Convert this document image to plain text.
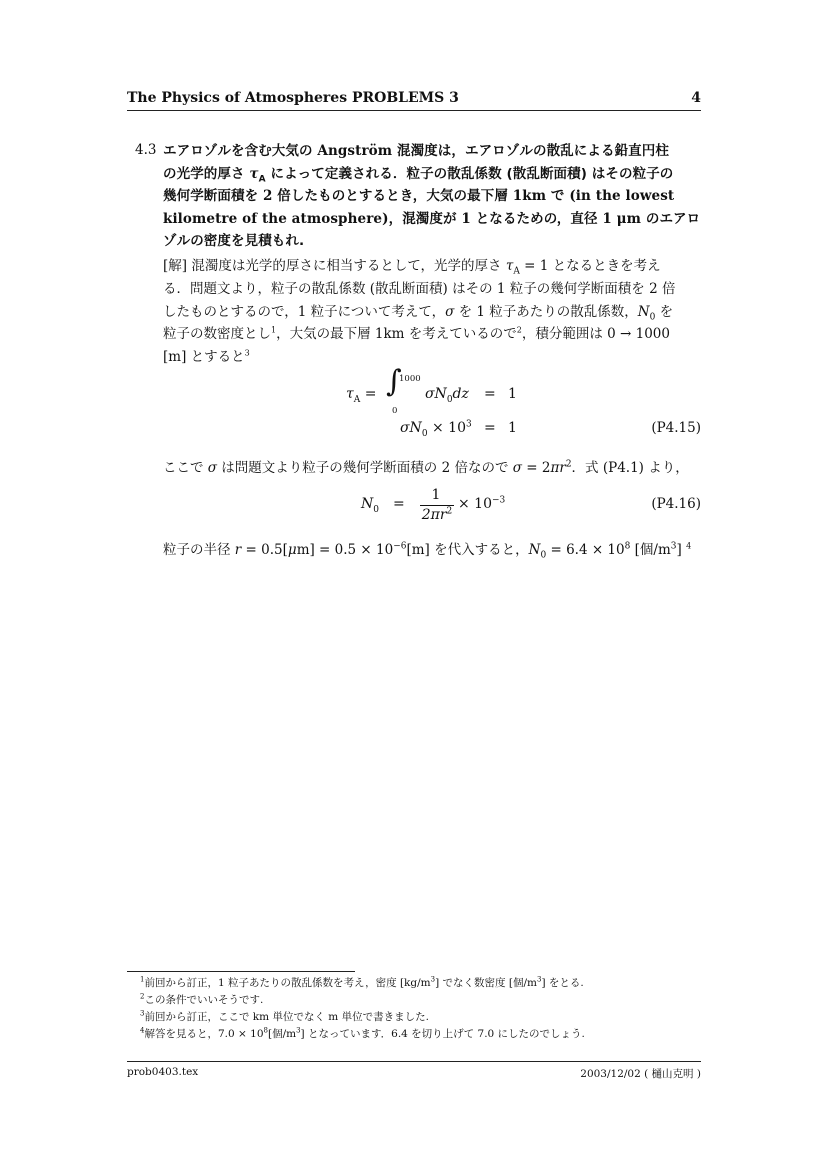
The Physics of Atmospheres PROBLEMS 3	4
4.3 エアロゾルを含む大気の Angström 混濁度は，エアロゾルの散乱による鉛直円柱
の光学的厚さ $\tau_A$ によって定義される．粒子の散乱係数 (散乱断面積) はその粒子の
幾何学断面積を 2 倍したものとするとき，大気の最下層 1km で (in the lowest
kilometre of the atmosphere)，混濁度が 1 となるための，直径 1 μm のエアロ
ゾルの密度を見積もれ.
[解] 混濁度は光学的厚さに相当するとして，光学的厚さ $\tau_A = 1$ となるときを考え
る．問題文より，粒子の散乱係数 (散乱断面積) はその 1 粒子の幾何学断面積を 2 倍
したものとするので，1 粒子について考えて，σ を 1 粒子あたりの散乱係数，$N_0$ を
粒子の数密度とし$^1$，大気の最下層 1km を考えているので$^2$，積分範囲は 0 → 1000
[m] とすると$^3$
$\tau_A$ = ∫
1000
0
$\sigma N_0dz = 1$
$\sigma N_0 \times 10^3 = 1$	(P4.15)
ここで σ は問題文より粒子の幾何学断面積の 2 倍なので $\sigma = 2\pi r^2$．式 (P4.1) より，
$N_0$ =
1
$2\pi r^2 \times 10^{-3}$	(P4.16)
粒子の半径 $r = 0.5[\mu m] = 0.5 \times 10^{-6}[m]$ を代入すると，$N_0 = 6.4 \times 10^8$ [個$/m^3$] $^4$
$^1$前回から訂正，1 粒子あたりの散乱係数を考え，密度 $[kg/m^3]$ でなく数密度 [個$/m^3$] をとる.
$^2$この条件でいいそうです.
$^3$前回から訂正，ここで km 単位でなく m 単位で書きました.
$^4$解答を見ると，$7.0 \times 10^8$[個$/m^3$] となっています．6.4 を切り上げて 7.0 にしたのでしょう.
prob0403.tex	2003/12/02 ( 樋山克明 )
